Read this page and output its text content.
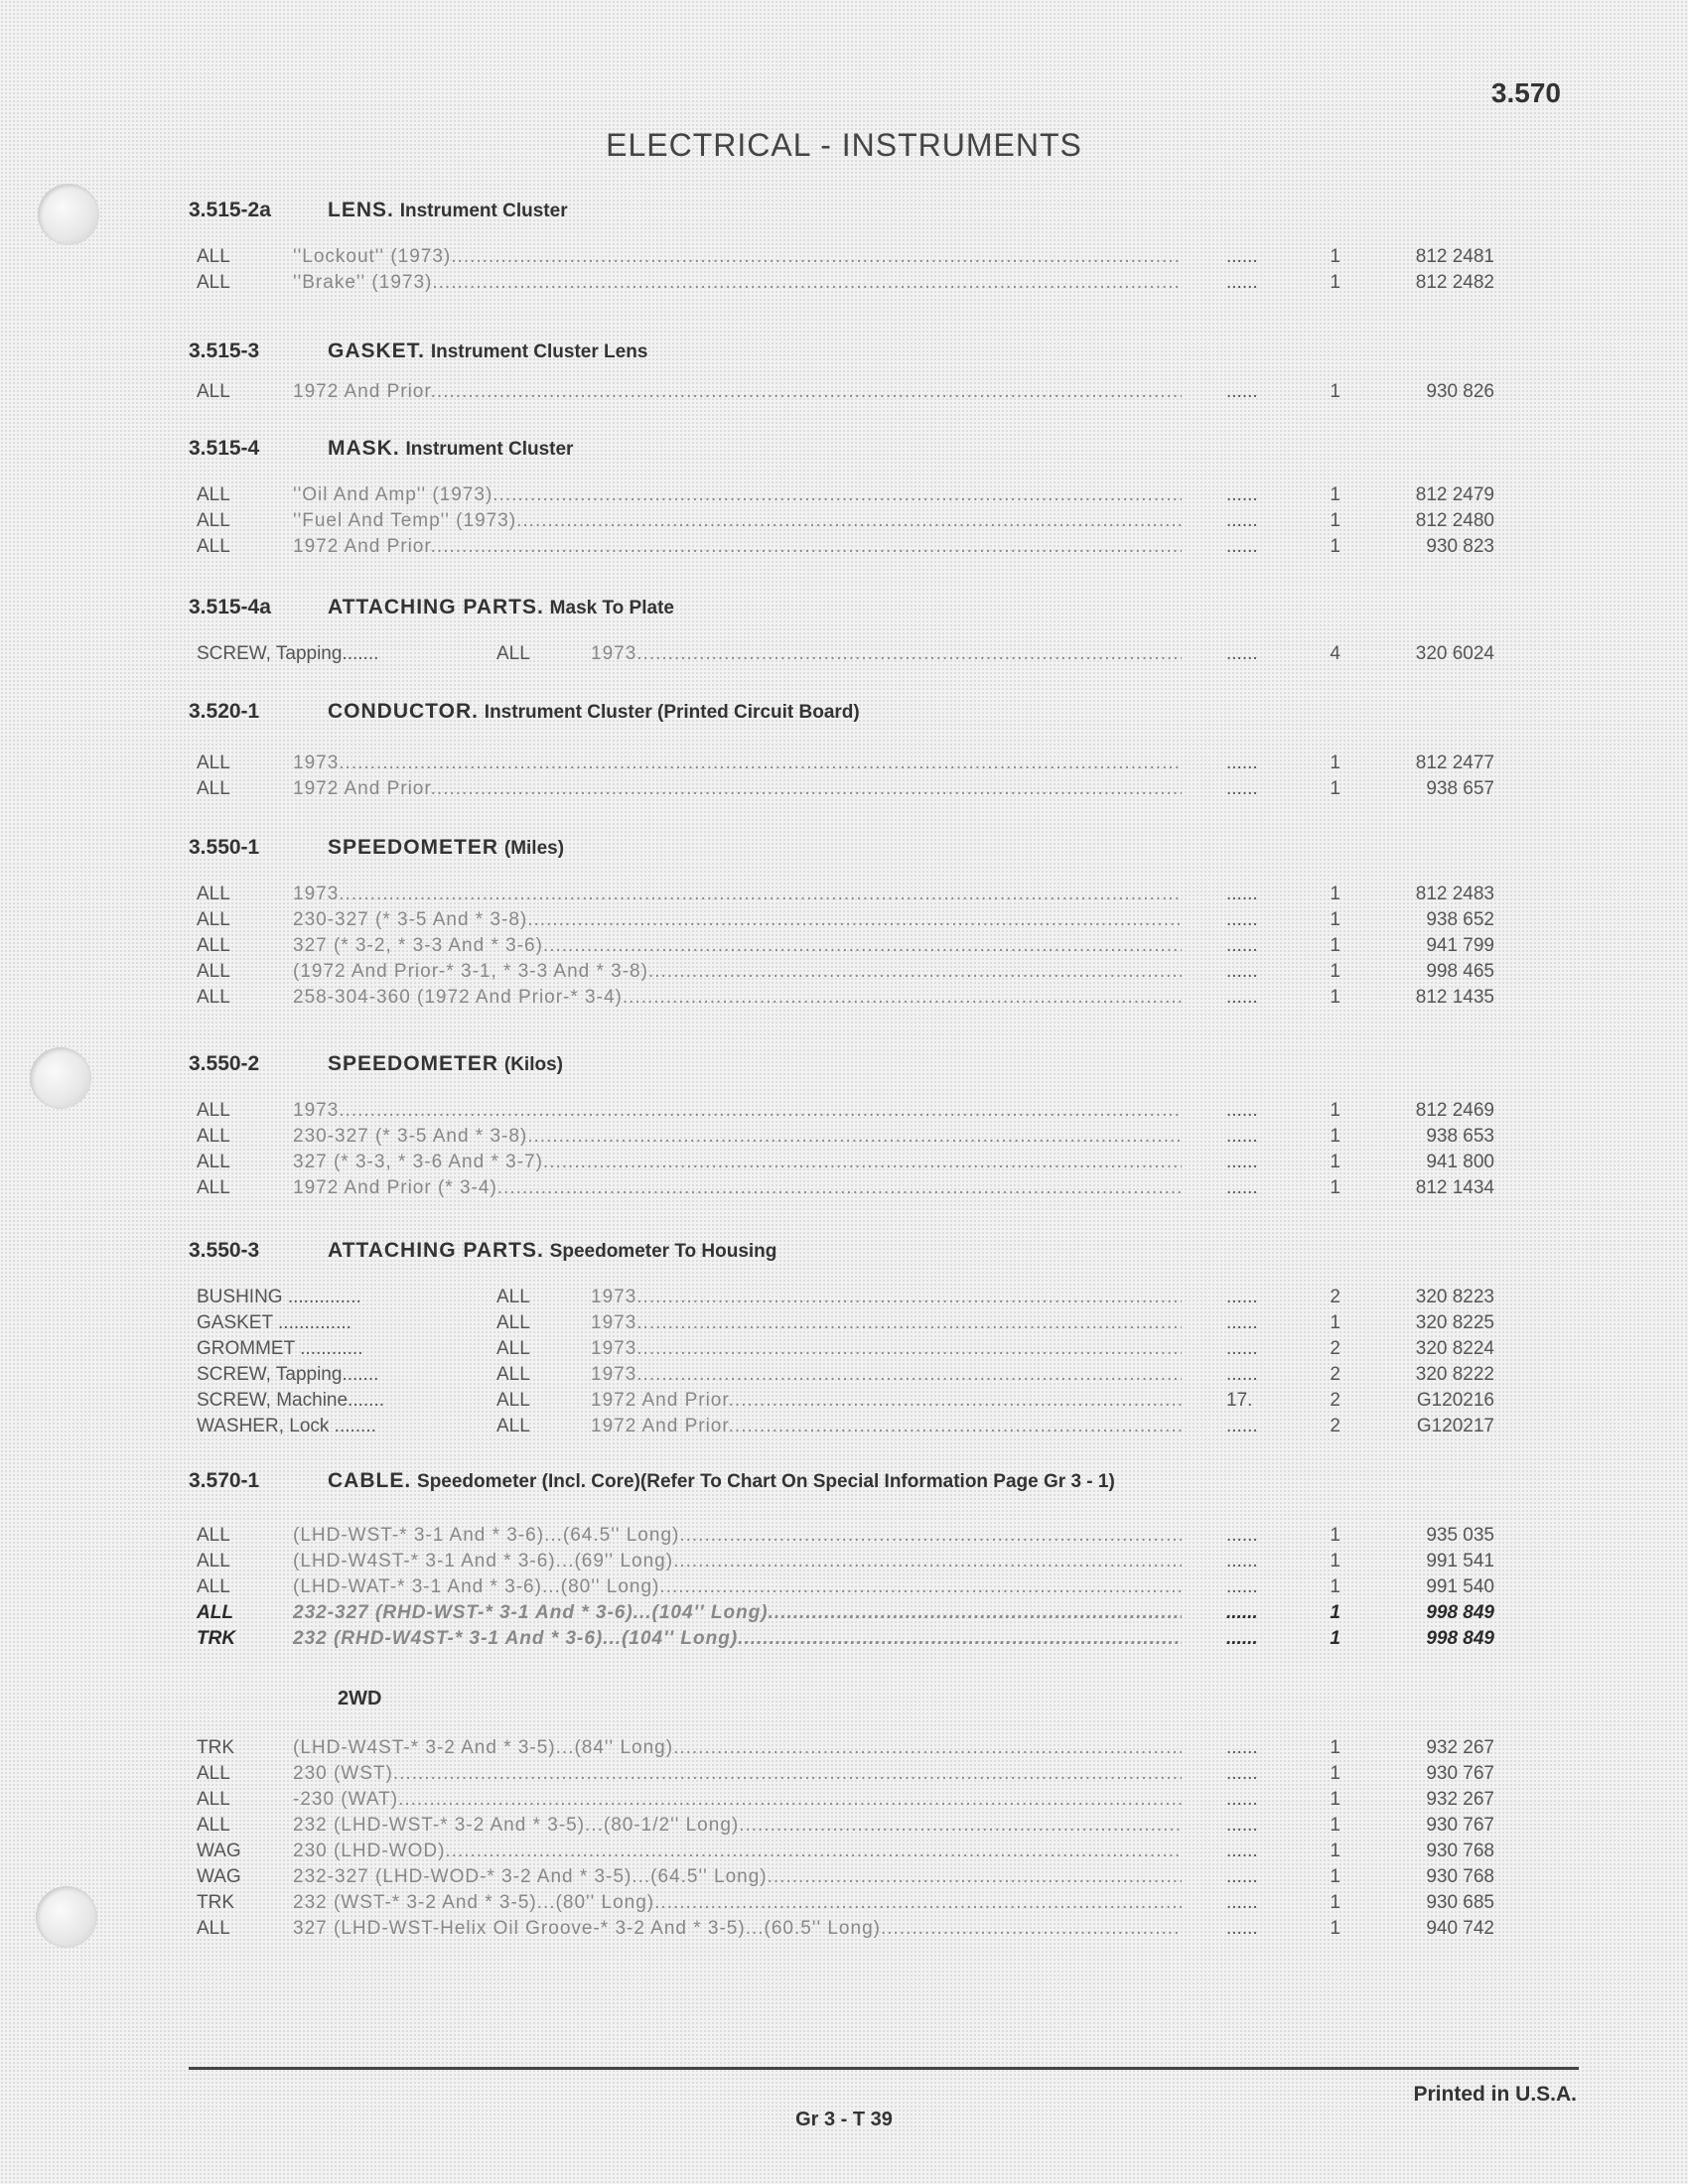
3.570
ELECTRICAL - INSTRUMENTS
3.515-2a	LENS. Instrument Cluster
ALL	''Lockout'' (1973) .....	......	1	812 2481
ALL	''Brake'' (1973) .....	......	1	812 2482
3.515-3	GASKET. Instrument Cluster Lens
ALL	1972 And Prior .....	......	1	930 826
3.515-4	MASK. Instrument Cluster
ALL	''Oil And Amp'' (1973) .....	......	1	812 2479
ALL	''Fuel And Temp'' (1973) .....	......	1	812 2480
ALL	1972 And Prior .....	......	1	930 823
3.515-4a	ATTACHING PARTS. Mask To Plate
SCREW, Tapping.......	ALL	1973 .....	......	4	320 6024
3.520-1	CONDUCTOR. Instrument Cluster (Printed Circuit Board)
ALL	1973 .....	......	1	812 2477
ALL	1972 And Prior .....	......	1	938 657
3.550-1	SPEEDOMETER (Miles)
ALL	1973 .....	......	1	812 2483
ALL	230-327 (* 3-5 And * 3-8) .....	......	1	938 652
ALL	327 (* 3-2, * 3-3 And * 3-6) .....	......	1	941 799
ALL	(1972 And Prior-* 3-1, * 3-3 And * 3-8) .....	......	1	998 465
ALL	258-304-360 (1972 And Prior-* 3-4) .....	......	1	812 1435
3.550-2	SPEEDOMETER (Kilos)
ALL	1973 .....	......	1	812 2469
ALL	230-327 (* 3-5 And * 3-8) .....	......	1	938 653
ALL	327 (* 3-3, * 3-6 And * 3-7) .....	......	1	941 800
ALL	1972 And Prior (* 3-4) .....	......	1	812 1434
3.550-3	ATTACHING PARTS. Speedometer To Housing
BUSHING ..............	ALL	1973 .....	......	2	320 8223
GASKET ..............	ALL	1973 .....	......	1	320 8225
GROMMET ............	ALL	1973 .....	......	2	320 8224
SCREW, Tapping.......	ALL	1973 .....	......	2	320 8222
SCREW, Machine.......	ALL	1972 And Prior .....	17.	2	G120216
WASHER, Lock ........	ALL	1972 And Prior .....	......	2	G120217
3.570-1	CABLE. Speedometer (Incl. Core)(Refer To Chart On Special Information Page Gr 3 - 1)
ALL	(LHD-WST-* 3-1 And * 3-6)...(64.5'' Long) .....	......	1	935 035
ALL	(LHD-W4ST-* 3-1 And * 3-6)...(69'' Long) .....	......	1	991 541
ALL	(LHD-WAT-* 3-1 And * 3-6)...(80'' Long) .....	......	1	991 540
ALL	232-327 (RHD-WST-* 3-1 And * 3-6)...(104'' Long) .....	......	1	998 849
TRK	232 (RHD-W4ST-* 3-1 And * 3-6)...(104'' Long) .....	......	1	998 849
2WD
TRK	(LHD-W4ST-* 3-2 And * 3-5)...(84'' Long) .....	......	1	932 267
ALL	230 (WST) .....	......	1	930 767
ALL	-230 (WAT) .....	......	1	932 267
ALL	232 (LHD-WST-* 3-2 And * 3-5)...(80-1/2'' Long) .....	......	1	930 767
WAG	230 (LHD-WOD) .....	......	1	930 768
WAG	232-327 (LHD-WOD-* 3-2 And * 3-5)...(64.5'' Long) .....	......	1	930 768
TRK	232 (WST-* 3-2 And * 3-5)...(80'' Long) .....	......	1	930 685
ALL	327 (LHD-WST-Helix Oil Groove-* 3-2 And * 3-5)...(60.5'' Long) .....	......	1	940 742
Printed in U.S.A.
Gr 3 - T 39
